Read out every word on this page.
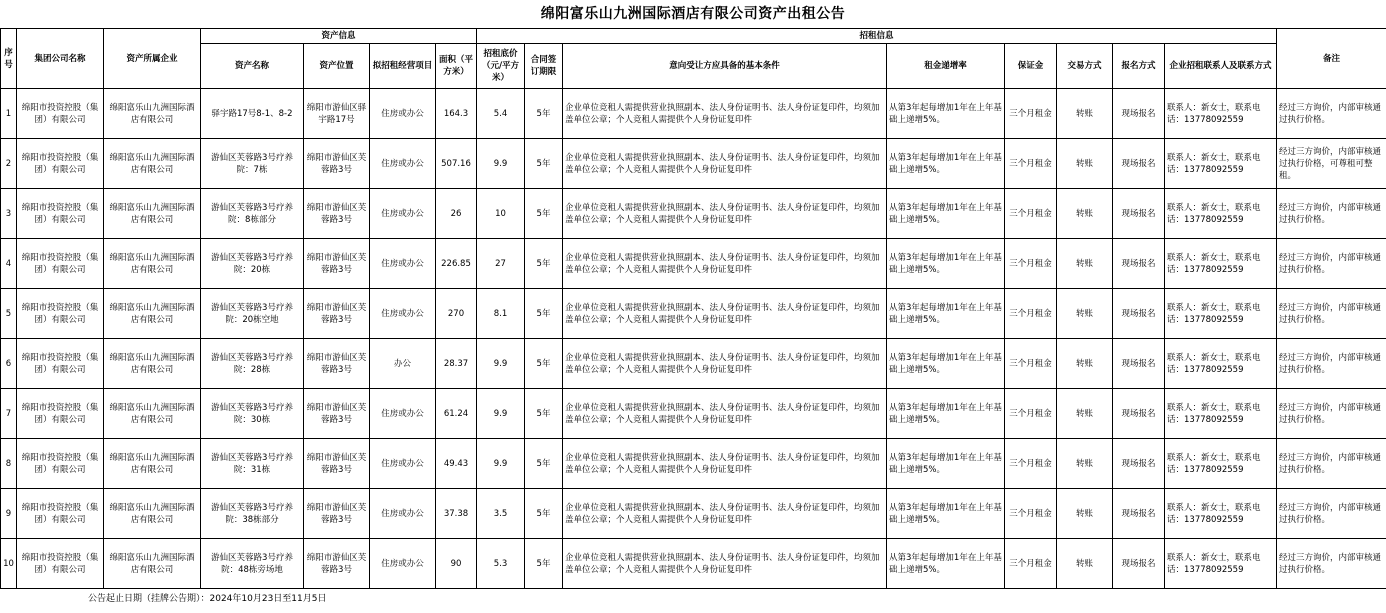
绵阳富乐山九洲国际酒店有限公司资产出租公告
序号	集团公司名称	资产所属企业	资产信息				招租信息								备注
			资产名称	资产位置	拟招租经营项目	面积（平方米）	招租底价（元/平方米）	合同签订期限	意向受让方应具备的基本条件	租金递增率	保证金	交易方式	报名方式	企业招租联系人及联系方式	
1	绵阳市投资控股（集团）有限公司	绵阳富乐山九洲国际酒店有限公司	驿宇路17号8-1、8-2	绵阳市游仙区驿宇路17号	住房或办公	164.3	5.4	5年	企业单位竞租人需提供营业执照副本、法人身份证明书、法人身份证复印件，均须加盖单位公章；个人竞租人需提供个人身份证复印件	从第3年起每增加1年在上年基础上递增5%。	三个月租金	转账	现场报名	联系人：新女士，联系电话：13778092559	经过三方询价，内部审核通过执行价格。
2	绵阳市投资控股（集团）有限公司	绵阳富乐山九洲国际酒店有限公司	游仙区芙蓉路3号疗养院：7栋	绵阳市游仙区芙蓉路3号	住房或办公	507.16	9.9	5年	企业单位竞租人需提供营业执照副本、法人身份证明书、法人身份证复印件，均须加盖单位公章；个人竞租人需提供个人身份证复印件	从第3年起每增加1年在上年基础上递增5%。	三个月租金	转账	现场报名	联系人：新女士，联系电话：13778092559	经过三方询价，内部审核通过执行价格，可尊租可整租。
3	绵阳市投资控股（集团）有限公司	绵阳富乐山九洲国际酒店有限公司	游仙区芙蓉路3号疗养院：8栋部分	绵阳市游仙区芙蓉路3号	住房或办公	26	10	5年	企业单位竞租人需提供营业执照副本、法人身份证明书、法人身份证复印件，均须加盖单位公章；个人竞租人需提供个人身份证复印件	从第3年起每增加1年在上年基础上递增5%。	三个月租金	转账	现场报名	联系人：新女士，联系电话：13778092559	经过三方询价，内部审核通过执行价格。
4	绵阳市投资控股（集团）有限公司	绵阳富乐山九洲国际酒店有限公司	游仙区芙蓉路3号疗养院：20栋	绵阳市游仙区芙蓉路3号	住房或办公	226.85	27	5年	企业单位竞租人需提供营业执照副本、法人身份证明书、法人身份证复印件，均须加盖单位公章；个人竞租人需提供个人身份证复印件	从第3年起每增加1年在上年基础上递增5%。	三个月租金	转账	现场报名	联系人：新女士，联系电话：13778092559	经过三方询价，内部审核通过执行价格。
5	绵阳市投资控股（集团）有限公司	绵阳富乐山九洲国际酒店有限公司	游仙区芙蓉路3号疗养院：20栋空地	绵阳市游仙区芙蓉路3号	住房或办公	270	8.1	5年	企业单位竞租人需提供营业执照副本、法人身份证明书、法人身份证复印件，均须加盖单位公章；个人竞租人需提供个人身份证复印件	从第3年起每增加1年在上年基础上递增5%。	三个月租金	转账	现场报名	联系人：新女士，联系电话：13778092559	经过三方询价，内部审核通过执行价格。
6	绵阳市投资控股（集团）有限公司	绵阳富乐山九洲国际酒店有限公司	游仙区芙蓉路3号疗养院：28栋	绵阳市游仙区芙蓉路3号	办公	28.37	9.9	5年	企业单位竞租人需提供营业执照副本、法人身份证明书、法人身份证复印件，均须加盖单位公章；个人竞租人需提供个人身份证复印件	从第3年起每增加1年在上年基础上递增5%。	三个月租金	转账	现场报名	联系人：新女士，联系电话：13778092559	经过三方询价，内部审核通过执行价格。
7	绵阳市投资控股（集团）有限公司	绵阳富乐山九洲国际酒店有限公司	游仙区芙蓉路3号疗养院：30栋	绵阳市游仙区芙蓉路3号	住房或办公	61.24	9.9	5年	企业单位竞租人需提供营业执照副本、法人身份证明书、法人身份证复印件，均须加盖单位公章；个人竞租人需提供个人身份证复印件	从第3年起每增加1年在上年基础上递增5%。	三个月租金	转账	现场报名	联系人：新女士，联系电话：13778092559	经过三方询价，内部审核通过执行价格。
8	绵阳市投资控股（集团）有限公司	绵阳富乐山九洲国际酒店有限公司	游仙区芙蓉路3号疗养院：31栋	绵阳市游仙区芙蓉路3号	住房或办公	49.43	9.9	5年	企业单位竞租人需提供营业执照副本、法人身份证明书、法人身份证复印件，均须加盖单位公章；个人竞租人需提供个人身份证复印件	从第3年起每增加1年在上年基础上递增5%。	三个月租金	转账	现场报名	联系人：新女士，联系电话：13778092559	经过三方询价，内部审核通过执行价格。
9	绵阳市投资控股（集团）有限公司	绵阳富乐山九洲国际酒店有限公司	游仙区芙蓉路3号疗养院：38栋部分	绵阳市游仙区芙蓉路3号	住房或办公	37.38	3.5	5年	企业单位竞租人需提供营业执照副本、法人身份证明书、法人身份证复印件，均须加盖单位公章；个人竞租人需提供个人身份证复印件	从第3年起每增加1年在上年基础上递增5%。	三个月租金	转账	现场报名	联系人：新女士，联系电话：13778092559	经过三方询价，内部审核通过执行价格。
10	绵阳市投资控股（集团）有限公司	绵阳富乐山九洲国际酒店有限公司	游仙区芙蓉路3号疗养院：48栋旁场地	绵阳市游仙区芙蓉路3号	住房或办公	90	5.3	5年	企业单位竞租人需提供营业执照副本、法人身份证明书、法人身份证复印件，均须加盖单位公章；个人竞租人需提供个人身份证复印件	从第3年起每增加1年在上年基础上递增5%。	三个月租金	转账	现场报名	联系人：新女士，联系电话：13778092559	经过三方询价，内部审核通过执行价格。
公告起止日期（挂牌公告期）：2024年10月23日至11月5日
